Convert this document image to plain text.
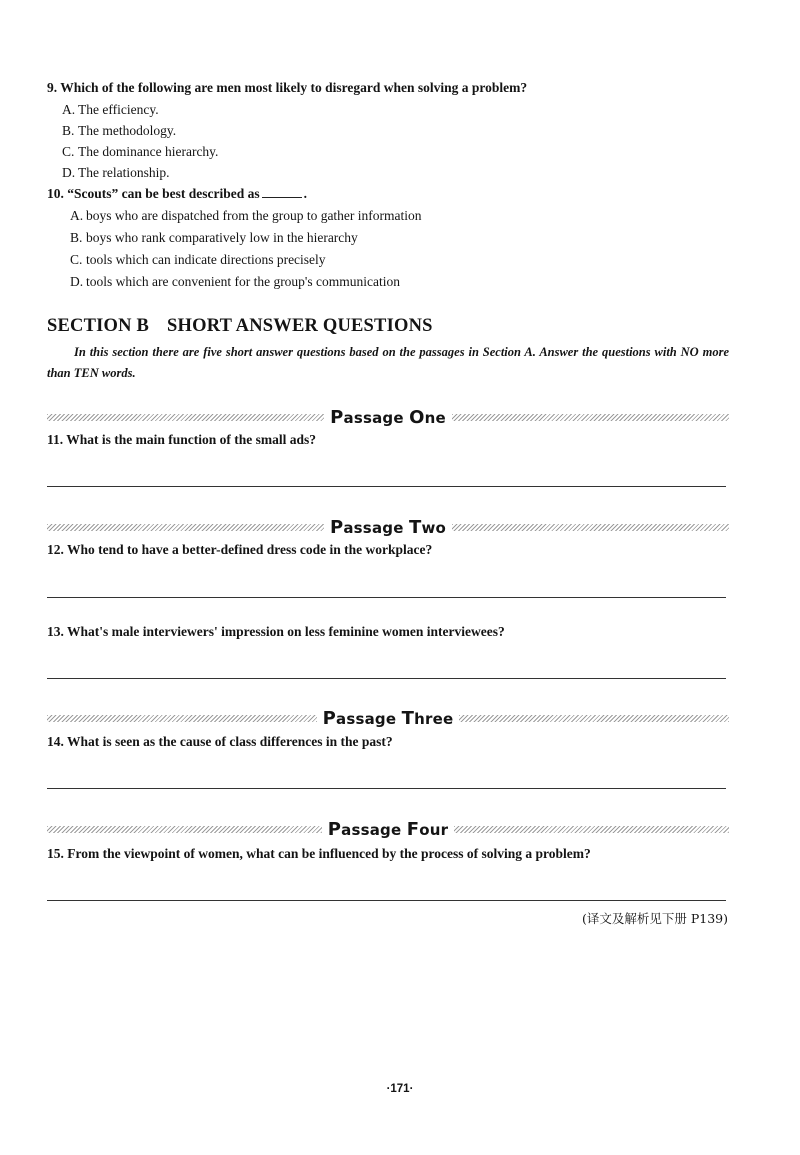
9. Which of the following are men most likely to disregard when solving a problem?
A. The efficiency.
B. The methodology.
C. The dominance hierarchy.
D. The relationship.
10. “Scouts” can be best described as	.
A. boys who are dispatched from the group to gather information
B. boys who rank comparatively low in the hierarchy
C. tools which can indicate directions precisely
D. tools which are convenient for the group's communication
SECTION B SHORT ANSWER QUESTIONS
In this section there are five short answer questions based on the passages in Section A. Answer the questions with NO more than TEN words.
Passage One
11. What is the main function of the small ads?
Passage Two
12. Who tend to have a better-defined dress code in the workplace?
13. What's male interviewers' impression on less feminine women interviewees?
Passage Three
14. What is seen as the cause of class differences in the past?
Passage Four
15. From the viewpoint of women, what can be influenced by the process of solving a problem?
(译文及解析见下册 P139)
·171·
